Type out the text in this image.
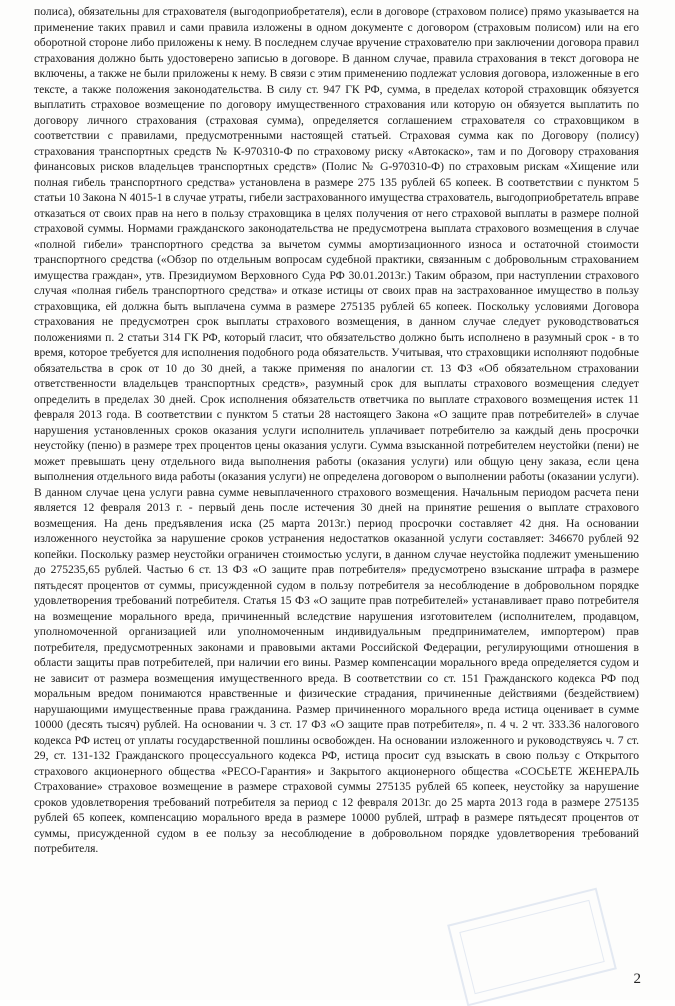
полиса), обязательны для страхователя (выгодоприобретателя), если в договоре (страховом полисе) прямо указывается на применение таких правил и сами правила изложены в одном документе с договором (страховым полисом) или на его оборотной стороне либо приложены к нему. В последнем случае вручение страхователю при заключении договора правил страхования должно быть удостоверено записью в договоре. В данном случае, правила страхования в текст договора не включены, а также не были приложены к нему. В связи с этим применению подлежат условия договора, изложенные в его тексте, а также положения законодательства. В силу ст. 947 ГК РФ, сумма, в пределах которой страховщик обязуется выплатить страховое возмещение по договору имущественного страхования или которую он обязуется выплатить по договору личного страхования (страховая сумма), определяется соглашением страхователя со страховщиком в соответствии с правилами, предусмотренными настоящей статьей. Страховая сумма как по Договору (полису) страхования транспортных средств № К-970310-Ф по страховому риску «Автокаско», там и по Договору страхования финансовых рисков владельцев транспортных средств» (Полис № G-970310-Ф) по страховым рискам «Хищение или полная гибель транспортного средства» установлена в размере 275 135 рублей 65 копеек. В соответствии с пунктом 5 статьи 10 Закона N 4015-1 в случае утраты, гибели застрахованного имущества страхователь, выгодоприобретатель вправе отказаться от своих прав на него в пользу страховщика в целях получения от него страховой выплаты в размере полной страховой суммы. Нормами гражданского законодательства не предусмотрена выплата страхового возмещения в случае «полной гибели» транспортного средства за вычетом суммы амортизационного износа и остаточной стоимости транспортного средства («Обзор по отдельным вопросам судебной практики, связанным с добровольным страхованием имущества граждан», утв. Президиумом Верховного Суда РФ 30.01.2013г.) Таким образом, при наступлении страхового случая «полная гибель транспортного средства» и отказе истицы от своих прав на застрахованное имущество в пользу страховщика, ей должна быть выплачена сумма в размере 275135 рублей 65 копеек. Поскольку условиями Договора страхования не предусмотрен срок выплаты страхового возмещения, в данном случае следует руководствоваться положениями п. 2 статьи 314 ГК РФ, который гласит, что обязательство должно быть исполнено в разумный срок - в то время, которое требуется для исполнения подобного рода обязательств. Учитывая, что страховщики исполняют подобные обязательства в срок от 10 до 30 дней, а также применяя по аналогии ст. 13 ФЗ «Об обязательном страховании ответственности владельцев транспортных средств», разумный срок для выплаты страхового возмещения следует определить в пределах 30 дней. Срок исполнения обязательств ответчика по выплате страхового возмещения истек 11 февраля 2013 года. В соответствии с пунктом 5 статьи 28 настоящего Закона «О защите прав потребителей» в случае нарушения установленных сроков оказания услуги исполнитель уплачивает потребителю за каждый день просрочки неустойку (пеню) в размере трех процентов цены оказания услуги. Сумма взысканной потребителем неустойки (пени) не может превышать цену отдельного вида выполнения работы (оказания услуги) или общую цену заказа, если цена выполнения отдельного вида работы (оказания услуги) не определена договором о выполнении работы (оказании услуги). В данном случае цена услуги равна сумме невыплаченного страхового возмещения. Начальным периодом расчета пени является 12 февраля 2013 г. - первый день после истечения 30 дней на принятие решения о выплате страхового возмещения. На день предъявления иска (25 марта 2013г.) период просрочки составляет 42 дня. На основании изложенного неустойка за нарушение сроков устранения недостатков оказанной услуги составляет: 346670 рублей 92 копейки. Поскольку размер неустойки ограничен стоимостью услуги, в данном случае неустойка подлежит уменьшению до 275235,65 рублей. Частью 6 ст. 13 ФЗ «О защите прав потребителя» предусмотрено взыскание штрафа в размере пятьдесят процентов от суммы, присужденной судом в пользу потребителя за несоблюдение в добровольном порядке удовлетворения требований потребителя. Статья 15 ФЗ «О защите прав потребителей» устанавливает право потребителя на возмещение морального вреда, причиненный вследствие нарушения изготовителем (исполнителем, продавцом, уполномоченной организацией или уполномоченным индивидуальным предпринимателем, импортером) прав потребителя, предусмотренных законами и правовыми актами Российской Федерации, регулирующими отношения в области защиты прав потребителей, при наличии его вины. Размер компенсации морального вреда определяется судом и не зависит от размера возмещения имущественного вреда. В соответствии со ст. 151 Гражданского кодекса РФ под моральным вредом понимаются нравственные и физические страдания, причиненные действиями (бездействием) нарушающими имущественные права гражданина. Размер причиненного морального вреда истица оценивает в сумме 10000 (десять тысяч) рублей. На основании ч. 3 ст. 17 ФЗ «О защите прав потребителя», п. 4 ч. 2 чт. 333.36 налогового кодекса РФ истец от уплаты государственной пошлины освобожден. На основании изложенного и руководствуясь ч. 7 ст. 29, ст. 131-132 Гражданского процессуального кодекса РФ, истица просит суд взыскать в свою пользу с Открытого страхового акционерного общества «РЕСО-Гарантия» и Закрытого акционерного общества «СОСЬЕТЕ ЖЕНЕРАЛЬ Страхование» страховое возмещение в размере страховой суммы 275135 рублей 65 копеек, неустойку за нарушение сроков удовлетворения требований потребителя за период с 12 февраля 2013г. до 25 марта 2013 года в размере 275135 рублей 65 копеек, компенсацию морального вреда в размере 10000 рублей, штраф в размере пятьдесят процентов от суммы, присужденной судом в ее пользу за несоблюдение в добровольном порядке удовлетворения требований потребителя.

2
